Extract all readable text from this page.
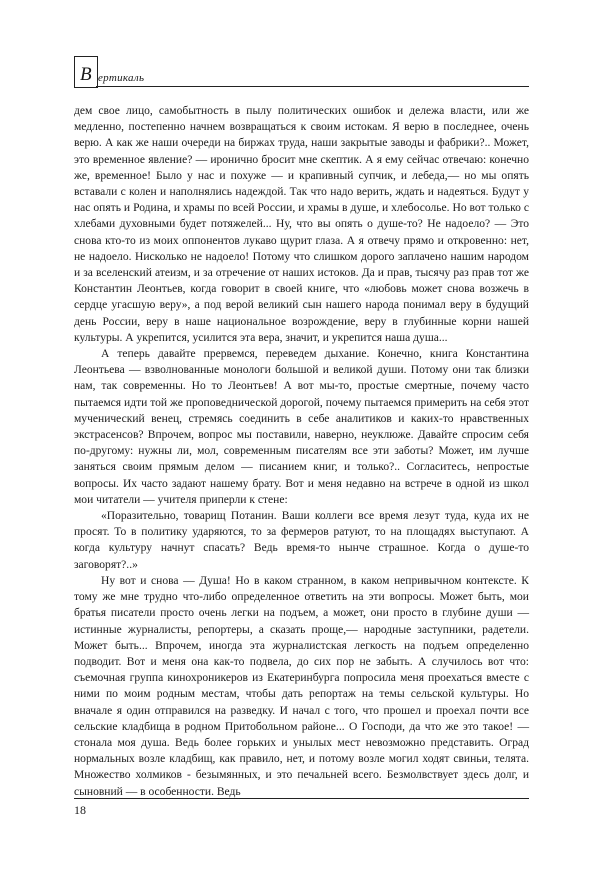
В ертикаль

дем свое лицо, самобытность в пылу политических ошибок и дележа власти, или же медленно, постепенно начнем возвращаться к своим истокам. Я верю в последнее, очень верю. А как же наши очереди на биржах труда, наши закрытые заводы и фабрики?.. Может, это временное явление? — иронично бросит мне скептик. А я ему сейчас отвечаю: конечно же, временное! Было у нас и похуже — и крапивный супчик, и лебеда,— но мы опять вставали с колен и наполнялись надеждой. Так что надо верить, ждать и надеяться. Будут у нас опять и Родина, и храмы по всей России, и храмы в душе, и хлебосолье. Но вот только с хлебами духовными будет потяжелей... Ну, что вы опять о душе-то? Не надоело? — Это снова кто-то из моих оппонентов лукаво щурит глаза. А я отвечу прямо и откровенно: нет, не надоело. Нисколько не надоело! Потому что слишком дорого заплачено нашим народом и за вселенский атеизм, и за отречение от наших истоков. Да и прав, тысячу раз прав тот же Константин Леонтьев, когда говорит в своей книге, что «любовь может снова возжечь в сердце угасшую веру», а под верой великий сын нашего народа понимал веру в будущий день России, веру в наше национальное возрождение, веру в глубинные корни нашей культуры. А укрепится, усилится эта вера, значит, и укрепится наша душа...

А теперь давайте прервемся, переведем дыхание. Конечно, книга Константина Леонтьева — взволнованные монологи большой и великой души. Потому они так близки нам, так современны. Но то Леонтьев! А вот мы-то, простые смертные, почему часто пытаемся идти той же проповеднической дорогой, почему пытаемся примерить на себя этот мученический венец, стремясь соединить в себе аналитиков и каких-то нравственных экстрасенсов? Впрочем, вопрос мы поставили, наверно, неуклюже. Давайте спросим себя по-другому: нужны ли, мол, современным писателям все эти заботы? Может, им лучше заняться своим прямым делом — писанием книг, и только?.. Согласитесь, непростые вопросы. Их часто задают нашему брату. Вот и меня недавно на встрече в одной из школ мои читатели — учителя приперли к стене:

«Поразительно, товарищ Потанин. Ваши коллеги все время лезут туда, куда их не просят. То в политику ударяются, то за фермеров ратуют, то на площадях выступают. А когда культуру начнут спасать? Ведь время-то нынче страшное. Когда о душе-то заговорят?..»

Ну вот и снова — Душа! Но в каком странном, в каком непривычном контексте. К тому же мне трудно что-либо определенное ответить на эти вопросы. Может быть, мои братья писатели просто очень легки на подъем, а может, они просто в глубине души — истинные журналисты, репортеры, а сказать проще,— народные заступники, радетели. Может быть... Впрочем, иногда эта журналистская легкость на подъем определенно подводит. Вот и меня она как-то подвела, до сих пор не забыть. А случилось вот что: съемочная группа кинохроникеров из Екатеринбурга попросила меня проехаться вместе с ними по моим родным местам, чтобы дать репортаж на темы сельской культуры. Но вначале я один отправился на разведку. И начал с того, что прошел и проехал почти все сельские кладбища в родном Притобольном районе... О Господи, да что же это такое! — стонала моя душа. Ведь более горьких и унылых мест невозможно представить. Оград нормальных возле кладбищ, как правило, нет, и потому возле могил ходят свиньи, телята. Множество холмиков - безымянных, и это печальней всего. Безмолвствует здесь долг, и сыновний — в особенности. Ведь

18
